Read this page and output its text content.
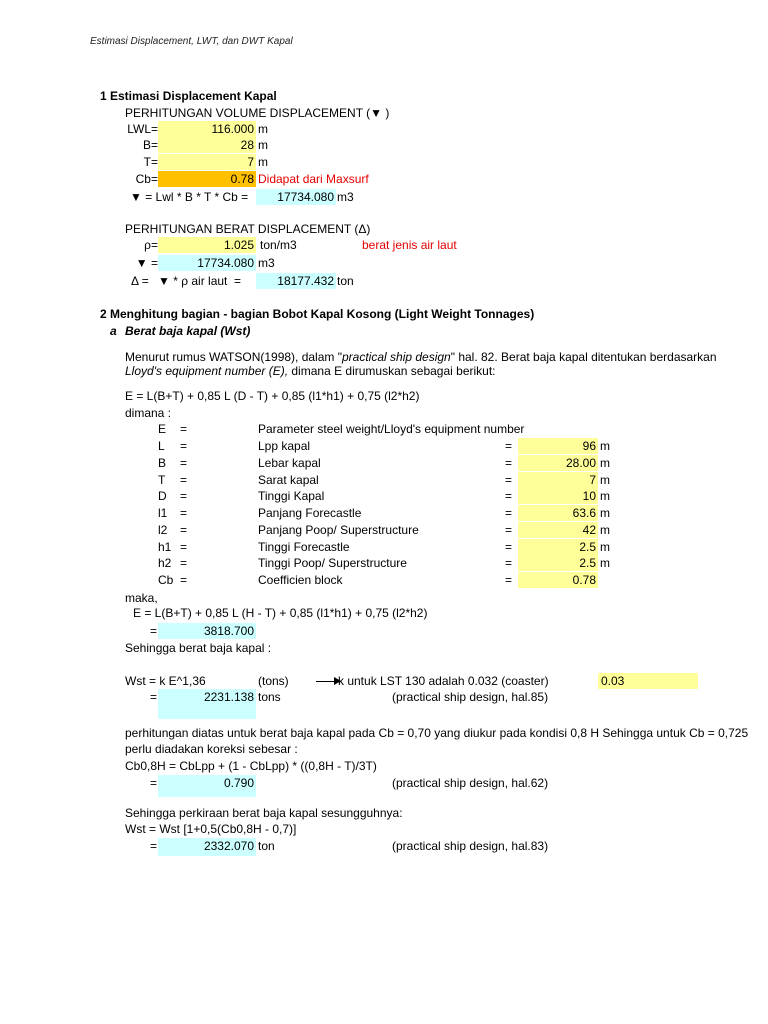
Estimasi Displacement, LWT, dan DWT Kapal
1 Estimasi Displacement Kapal
PERHITUNGAN VOLUME DISPLACEMENT (▼ )
LWL=	116.000 m
B=	28 m
T=	7 m
Cb=	0.78 Didapat dari Maxsurf
▼ = Lwl * B * T * Cb =	17734.080 m3
PERHITUNGAN BERAT DISPLACEMENT (Δ)
ρ=	1.025 ton/m3	berat jenis air laut
▼ =	17734.080 m3
Δ = ▼ * ρ air laut =	18177.432 ton
2 Menghitung bagian - bagian Bobot Kapal Kosong (Light Weight Tonnages)
a Berat baja kapal (Wst)
Menurut rumus WATSON(1998), dalam "practical ship design" hal. 82. Berat baja kapal ditentukan berdasarkan
Lloyd's equipment number (E), dimana E dirumuskan sebagai berikut:
E = L(B+T) + 0,85 L (D - T) + 0,85 (l1*h1) + 0,75 (l2*h2)
dimana :
E =	Parameter steel weight/Lloyd's equipment number
L =	Lpp kapal	=	96 m
B =	Lebar kapal	=	28.00 m
T =	Sarat kapal	=	7 m
D =	Tinggi Kapal	=	10 m
l1 =	Panjang Forecastle	=	63.6 m
l2 =	Panjang Poop/ Superstructure	=	42 m
h1 =	Tinggi Forecastle	=	2.5 m
h2 =	Tinggi Poop/ Superstructure	=	2.5 m
Cb =	Coefficien block	=	0.78
maka,
E = L(B+T) + 0,85 L (H - T) + 0,85 (l1*h1) + 0,75 (l2*h2)
=	3818.700
Sehingga berat baja kapal :
Wst = k E^1,36	(tons)	k untuk LST 130 adalah 0.032 (coaster)	0.03
=	2231.138 tons	(practical ship design, hal.85)
perhitungan diatas untuk berat baja kapal pada Cb = 0,70 yang diukur pada kondisi 0,8 H Sehingga untuk Cb = 0,725
perlu diadakan koreksi sebesar :
Cb0,8H = CbLpp + (1 - CbLpp) * ((0,8H - T)/3T)
=	0.790	(practical ship design, hal.62)
Sehingga perkiraan berat baja kapal sesungguhnya:
Wst = Wst [1+0,5(Cb0,8H - 0,7)]
=	2332.070 ton	(practical ship design, hal.83)
